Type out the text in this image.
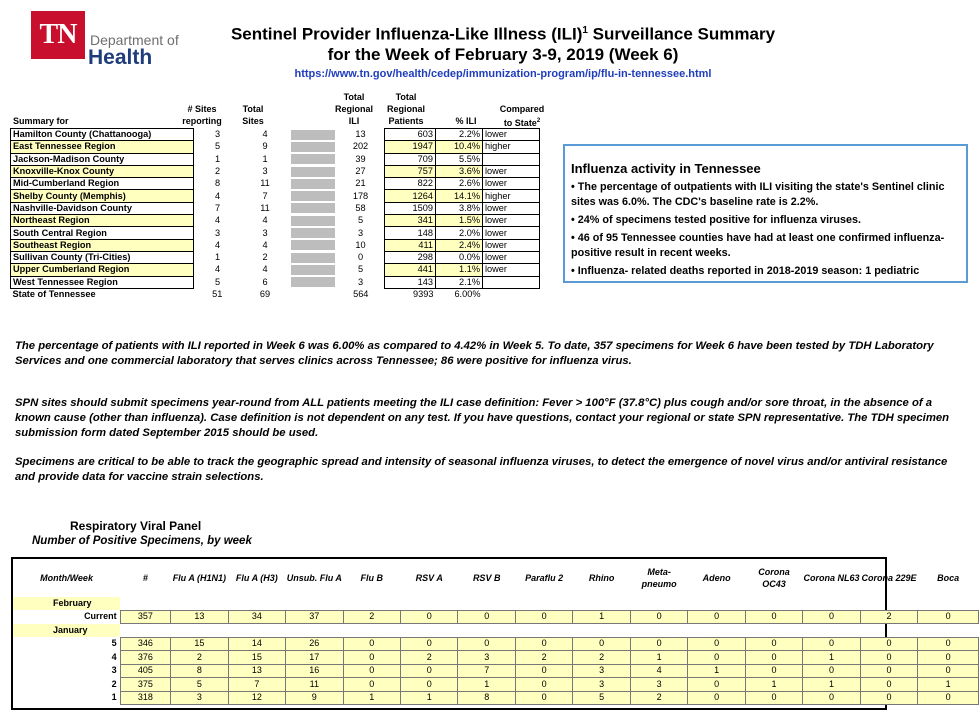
TN Department of
Health
Sentinel Provider Influenza-Like Illness (ILI)$^1$ Surveillance Summary
for the Week of February 3-9, 2019 (Week 6)
https://www.tn.gov/health/cedep/immunization-program/ip/flu-in-tennessee.html
Summary for
# Sites
reporting
Total
Sites
Total
Regional
ILI
Total
Regional
Patients	% ILI
Compared
to State$^2$
Hamilton County (Chattanooga)	3	4		13	603	2.2%	lower
East Tennessee Region	5	9		202	1947	10.4%	higher
Jackson-Madison County	1	1		39	709	5.5%	
Knoxville-Knox County	2	3		27	757	3.6%	lower
Mid-Cumberland Region	8	11		21	822	2.6%	lower
Shelby County (Memphis)	4	7		178	1264	14.1%	higher
Nashville-Davidson County	7	11		58	1509	3.8%	lower
Northeast Region	4	4		5	341	1.5%	lower
South Central Region	3	3		3	148	2.0%	lower
Southeast Region	4	4		10	411	2.4%	lower
Sullivan County (Tri-Cities)	1	2		0	298	0.0%	lower
Upper Cumberland Region	4	4		5	441	1.1%	lower
West Tennessee Region	5	6		3	143	2.1%	
State of Tennessee	51	69		564	9393	6.00%	
Influenza activity in Tennessee

• The percentage of outpatients with ILI visiting the state's Sentinel clinic sites was 6.0%. The CDC's baseline rate is 2.2%.

• 24% of specimens tested positive for influenza viruses.

• 46 of 95 Tennessee counties have had at least one confirmed influenza-positive result in recent weeks.

• Influenza- related deaths reported in 2018-2019 season: 1 pediatric

The percentage of patients with ILI reported in Week 6 was 6.00% as compared to 4.42% in Week 5. To date, 357 specimens for Week 6 have been tested by TDH Laboratory Services and one commercial laboratory that serves clinics across Tennessee; 86 were positive for influenza virus.
SPN sites should submit specimens year-round from ALL patients meeting the ILI case definition: Fever > 100°F (37.8°C) plus cough and/or sore throat, in the absence of a known cause (other than influenza). Case definition is not dependent on any test. If you have questions, contact your regional or state SPN representative. The TDH specimen submission form dated September 2015 should be used.
Specimens are critical to be able to track the geographic spread and intensity of seasonal influenza viruses, to detect the emergence of novel virus and/or antiviral resistance and provide data for vaccine strain selections.
Respiratory Viral Panel
Number of Positive Specimens, by week
Month/Week	#	Flu A (H1N1)	Flu A (H3)	Unsub. Flu A	Flu B	RSV A	RSV B	Paraflu 2	Rhino	Meta-pneumo	Adeno	Corona OC43	Corona NL63	Corona 229E	Boca
February															
Current	357	13	34	37	2	0	0	0	1	0	0	0	0	2	0
January															
5	346	15	14	26	0	0	0	0	0	0	0	0	0	0	0
4	376	2	15	17	0	2	3	2	2	1	0	0	1	0	0
3	405	8	13	16	0	0	7	0	3	4	1	0	0	0	0
2	375	5	7	11	0	0	1	0	3	3	0	1	1	0	1
1	318	3	12	9	1	1	8	0	5	2	0	0	0	0	0
